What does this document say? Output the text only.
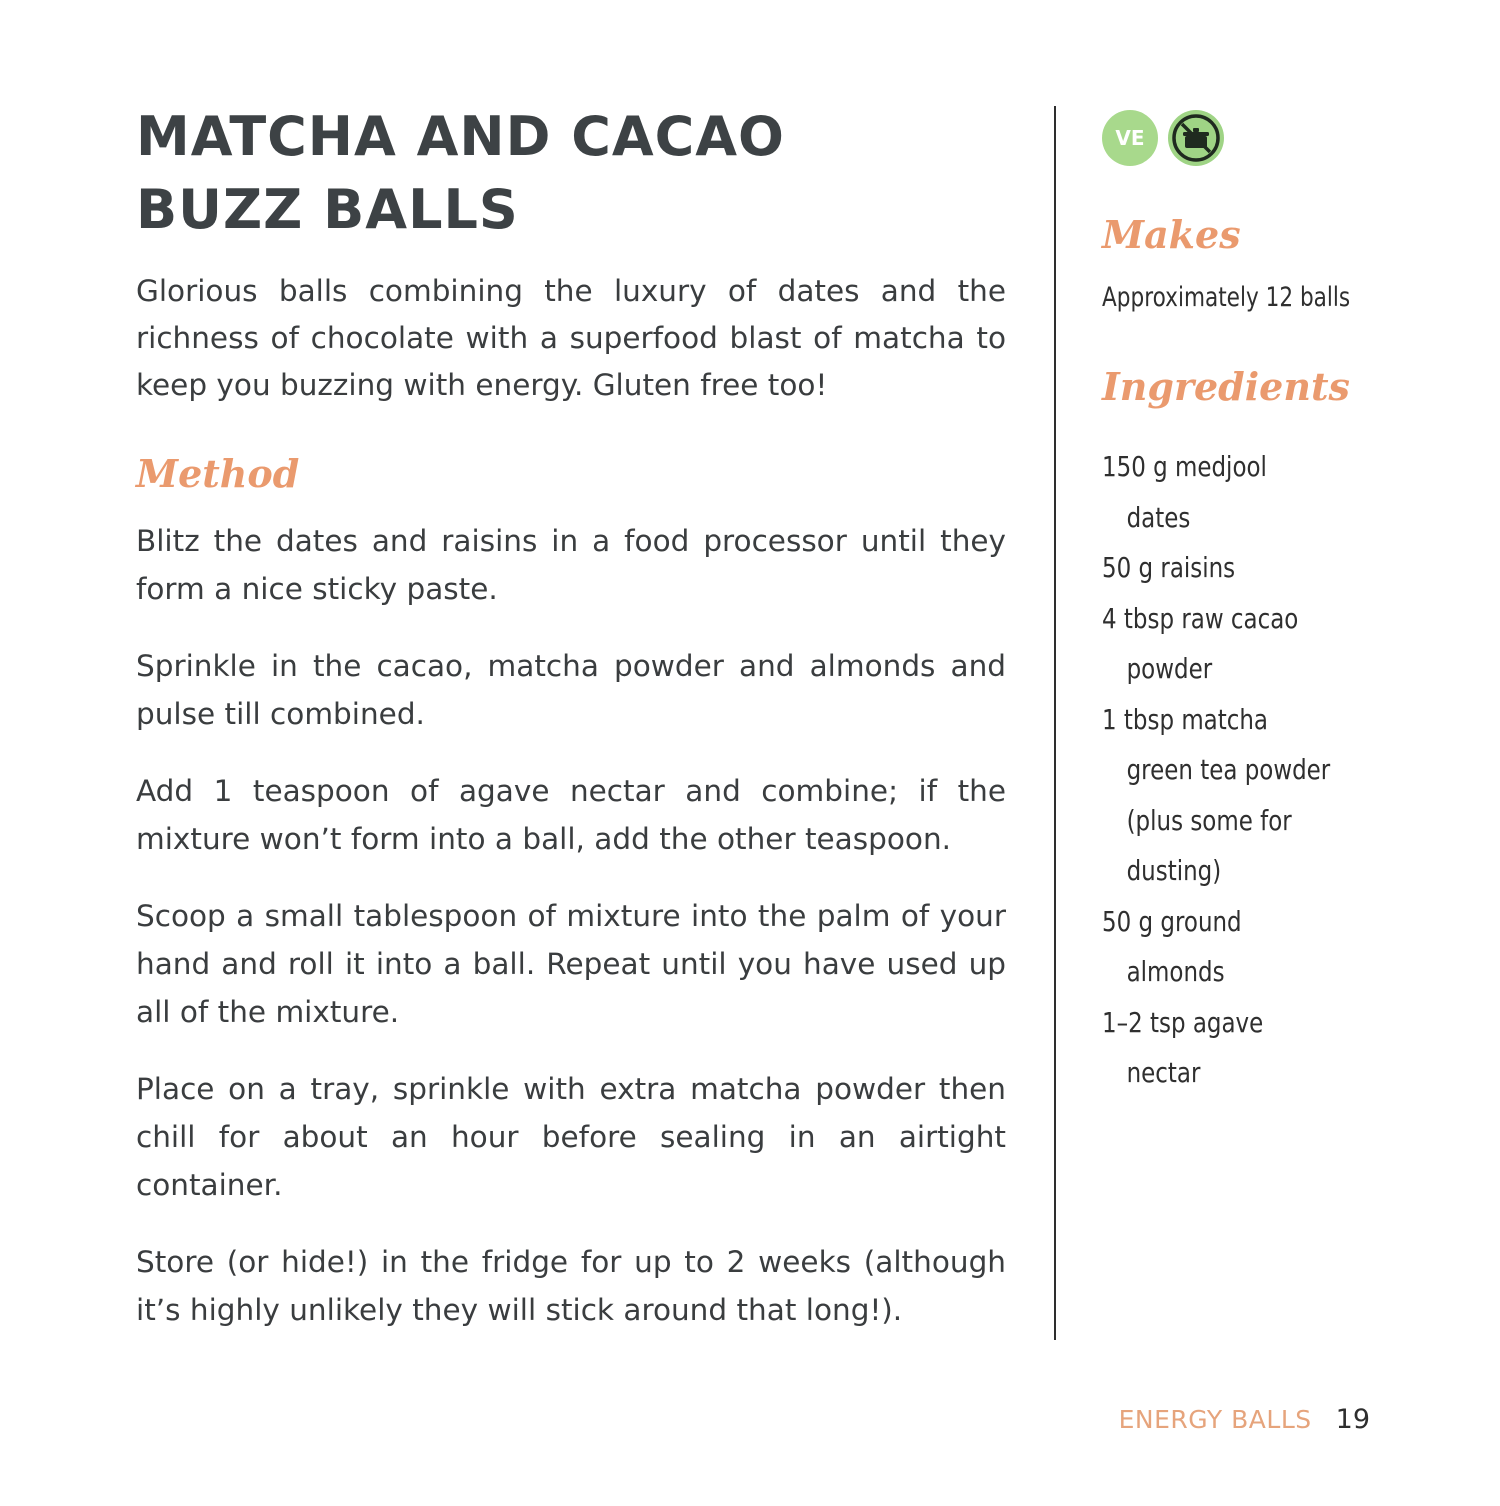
MATCHA AND CACAO
BUZZ BALLS

Glorious balls combining the luxury of dates and the richness of chocolate with a superfood blast of matcha to keep you buzzing with energy. Gluten free too!

Method
Blitz the dates and raisins in a food processor until they form a nice sticky paste.
Sprinkle in the cacao, matcha powder and almonds and pulse till combined.
Add 1 teaspoon of agave nectar and combine; if the mixture won’t form into a ball, add the other teaspoon.
Scoop a small tablespoon of mixture into the palm of your hand and roll it into a ball. Repeat until you have used up all of the mixture.
Place on a tray, sprinkle with extra matcha powder then chill for about an hour before sealing in an airtight container.
Store (or hide!) in the fridge for up to 2 weeks (although it’s highly unlikely they will stick around that long!).
VE
Makes

Approximately 12 balls

Ingredients
150 g medjool dates
50 g raisins
4 tbsp raw cacao powder
1 tbsp matcha green tea powder (plus some for dusting)
50 g ground almonds
1–2 tsp agave nectar
ENERGY BALLS 19
